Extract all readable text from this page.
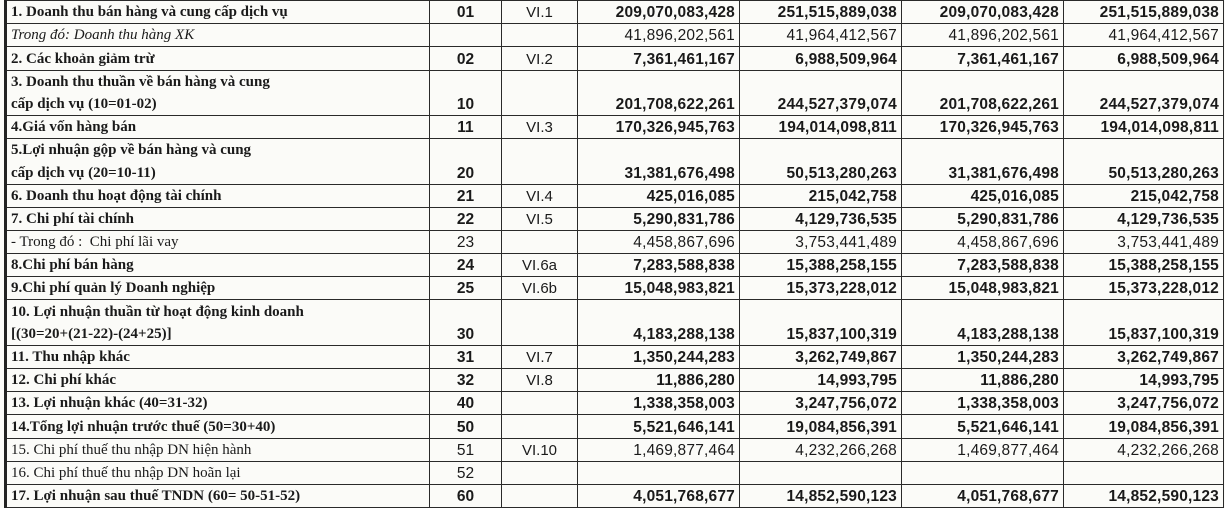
1. Doanh thu bán hàng và cung cấp dịch vụ	01	VI.1	209,070,083,428	251,515,889,038	209,070,083,428	251,515,889,038
Trong đó: Doanh thu hàng XK			41,896,202,561	41,964,412,567	41,896,202,561	41,964,412,567
2. Các khoản giảm trừ	02	VI.2	7,361,461,167	6,988,509,964	7,361,461,167	6,988,509,964
3. Doanh thu thuần về bán hàng và cung						
cấp dịch vụ (10=01-02)	10		201,708,622,261	244,527,379,074	201,708,622,261	244,527,379,074
4.Giá vốn hàng bán	11	VI.3	170,326,945,763	194,014,098,811	170,326,945,763	194,014,098,811
5.Lợi nhuận gộp về bán hàng và cung						
cấp dịch vụ (20=10-11)	20		31,381,676,498	50,513,280,263	31,381,676,498	50,513,280,263
6. Doanh thu hoạt động tài chính	21	VI.4	425,016,085	215,042,758	425,016,085	215,042,758
7. Chi phí tài chính	22	VI.5	5,290,831,786	4,129,736,535	5,290,831,786	4,129,736,535
- Trong đó : Chi phí lãi vay	23		4,458,867,696	3,753,441,489	4,458,867,696	3,753,441,489
8.Chi phí bán hàng	24	VI.6a	7,283,588,838	15,388,258,155	7,283,588,838	15,388,258,155
9.Chi phí quản lý Doanh nghiệp	25	VI.6b	15,048,983,821	15,373,228,012	15,048,983,821	15,373,228,012
10. Lợi nhuận thuần từ hoạt động kinh doanh						
[(30=20+(21-22)-(24+25)]	30		4,183,288,138	15,837,100,319	4,183,288,138	15,837,100,319
11. Thu nhập khác	31	VI.7	1,350,244,283	3,262,749,867	1,350,244,283	3,262,749,867
12. Chi phí khác	32	VI.8	11,886,280	14,993,795	11,886,280	14,993,795
13. Lợi nhuận khác (40=31-32)	40		1,338,358,003	3,247,756,072	1,338,358,003	3,247,756,072
14.Tổng lợi nhuận trước thuế (50=30+40)	50		5,521,646,141	19,084,856,391	5,521,646,141	19,084,856,391
15. Chi phí thuế thu nhập DN hiện hành	51	VI.10	1,469,877,464	4,232,266,268	1,469,877,464	4,232,266,268
16. Chi phí thuế thu nhập DN hoãn lại	52					
17. Lợi nhuận sau thuế TNDN (60= 50-51-52)	60		4,051,768,677	14,852,590,123	4,051,768,677	14,852,590,123
